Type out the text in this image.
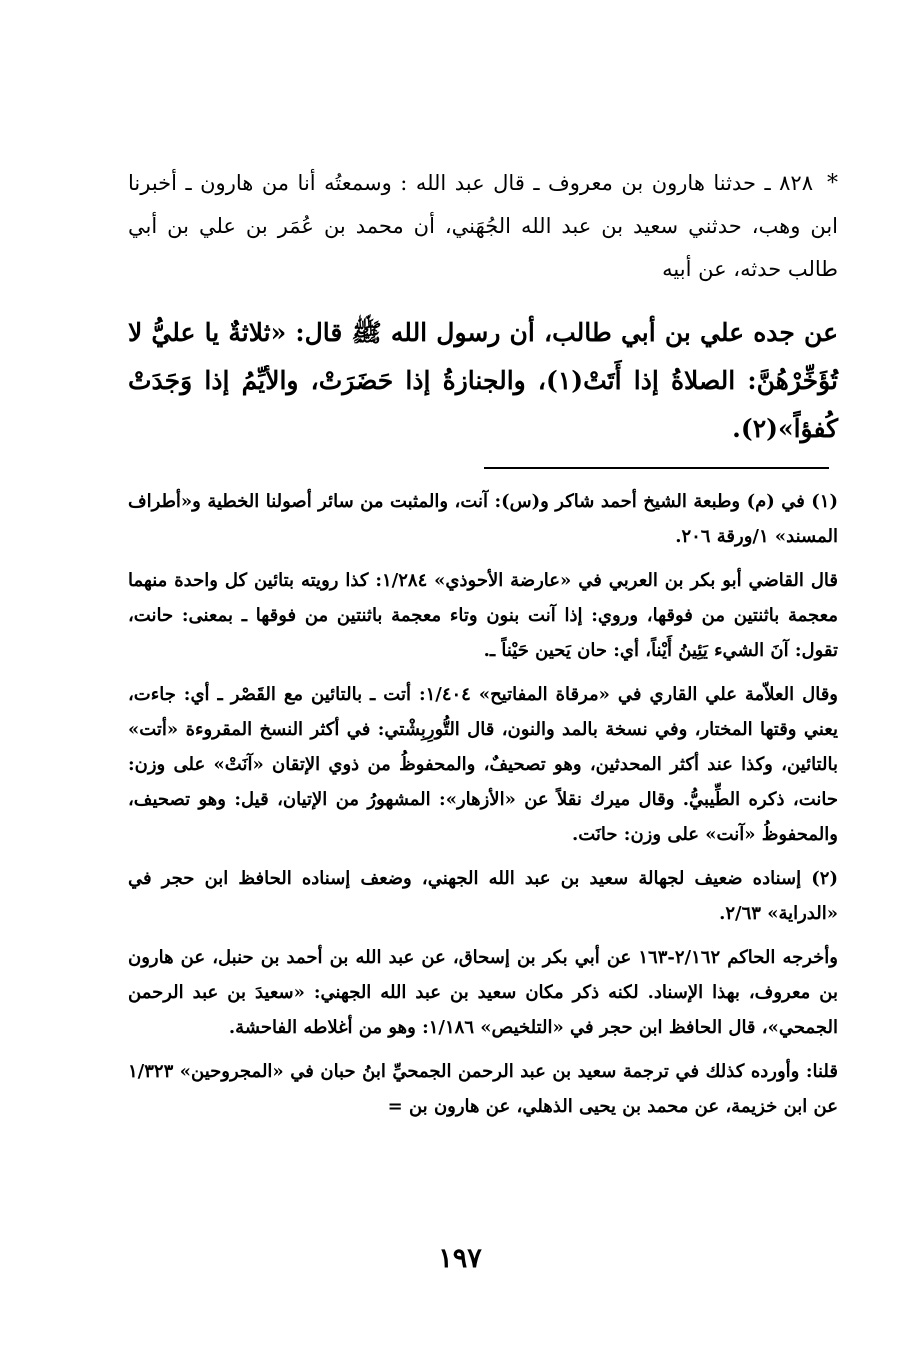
*٨٢٨ ـ حدثنا هارون بن معروف ـ قال عبد الله : وسمعتُه أنا من هارون ـ أخبرنا ابن وهب، حدثني سعيد بن عبد الله الجُهَني، أن محمد بن عُمَر بن علي بن أبي طالب حدثه، عن أبيه
عن جده علي بن أبي طالب، أن رسول الله ﷺ قال: «ثلاثةٌ يا عليُّ لا تُؤَخِّرْهُنَّ: الصلاةُ إذا أَتَتْ(١)، والجنازةُ إذا حَضَرَتْ، والأيِّمُ إذا وَجَدَتْ كُفؤاً»(٢).

(١) في (م) وطبعة الشيخ أحمد شاكر و(س): آنت، والمثبت من سائر أصولنا الخطية و«أطراف المسند» ١/ورقة ٢٠٦.

قال القاضي أبو بكر بن العربي في «عارضة الأحوذي» ١/٢٨٤: كذا رويته بتائين كل واحدة منهما معجمة باثنتين من فوقها، وروي: إذا آنت بنون وتاء معجمة باثنتين من فوقها ـ بمعنى: حانت، تقول: آنَ الشيء يَئِينُ أَيْناً، أي: حان يَحين حَيْناً ـ.

وقال العلاّمة علي القاري في «مرقاة المفاتيح» ١/٤٠٤: أتت ـ بالتائين مع القَصْر ـ أي: جاءت، يعني وقتها المختار، وفي نسخة بالمد والنون، قال التُّورِبِشْتي: في أكثر النسخ المقروءة «أتت» بالتائين، وكذا عند أكثر المحدثين، وهو تصحيفٌ، والمحفوظُ من ذوي الإتقان «آنَتْ» على وزن: حانت، ذكره الطِّيبيُّ. وقال ميرك نقلاً عن «الأزهار»: المشهورُ من الإتيان، قيل: وهو تصحيف، والمحفوظُ «آنت» على وزن: حانَت.

(٢) إسناده ضعيف لجهالة سعيد بن عبد الله الجهني، وضعف إسناده الحافظ ابن حجر في «الدراية» ٢/٦٣.

وأخرجه الحاكم ٢/١٦٢-١٦٣ عن أبي بكر بن إسحاق، عن عبد الله بن أحمد بن حنبل، عن هارون بن معروف، بهذا الإسناد. لكنه ذكر مكان سعيد بن عبد الله الجهني: «سعيدَ بن عبد الرحمن الجمحي»، قال الحافظ ابن حجر في «التلخيص» ١/١٨٦: وهو من أغلاطه الفاحشة.

قلنا: وأورده كذلك في ترجمة سعيد بن عبد الرحمن الجمحيِّ ابنُ حبان في «المجروحين» ١/٣٢٣ عن ابن خزيمة، عن محمد بن يحيى الذهلي، عن هارون بن =

١٩٧
